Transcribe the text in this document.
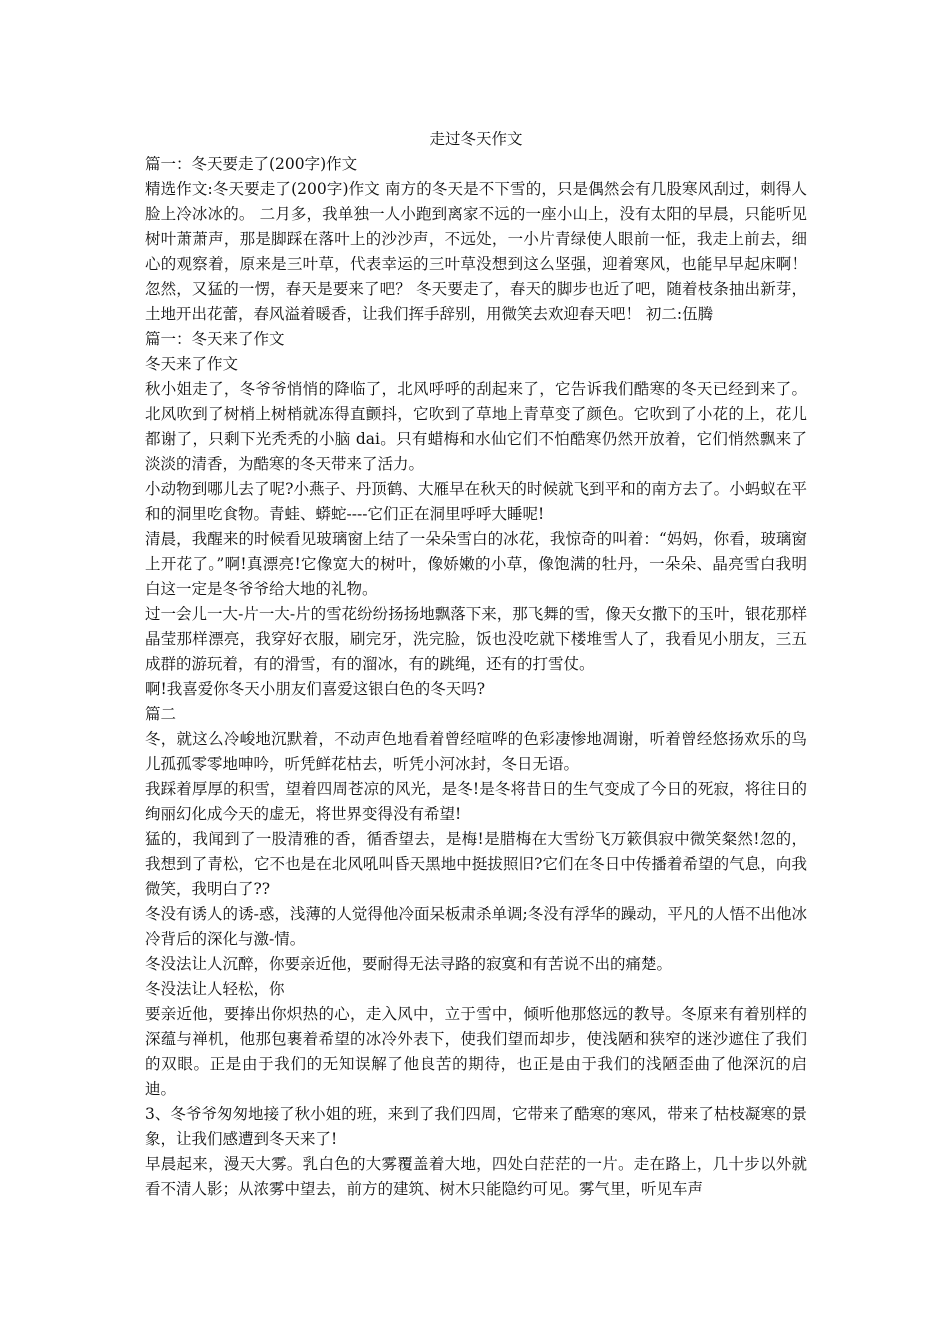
走过冬天作文

篇一：冬天要走了(200字)作文

精选作文:冬天要走了(200字)作文 南方的冬天是不下雪的，只是偶然会有几股寒风刮过，刺得人脸上冷冰冰的。 二月多，我单独一人小跑到离家不远的一座小山上，没有太阳的早晨，只能听见树叶萧萧声，那是脚踩在落叶上的沙沙声，不远处，一小片青绿使人眼前一怔，我走上前去，细心的观察着，原来是三叶草，代表幸运的三叶草没想到这么坚强，迎着寒风，也能早早起床啊！ 忽然，又猛的一愣，春天是要来了吧？ 冬天要走了，春天的脚步也近了吧，随着枝条抽出新芽，土地开出花蕾，春风溢着暖香，让我们挥手辞别，用微笑去欢迎春天吧！ 初二:伍腾

篇一：冬天来了作文

冬天来了作文

秋小姐走了，冬爷爷悄悄的降临了，北风呼呼的刮起来了，它告诉我们酷寒的冬天已经到来了。北风吹到了树梢上树梢就冻得直颤抖，它吹到了草地上青草变了颜色。它吹到了小花的上，花儿都谢了，只剩下光秃秃的小脑 dai。只有蜡梅和水仙它们不怕酷寒仍然开放着，它们悄然飘来了淡淡的清香，为酷寒的冬天带来了活力。

小动物到哪儿去了呢?小燕子、丹顶鹤、大雁早在秋天的时候就飞到平和的南方去了。小蚂蚁在平和的洞里吃食物。青蛙、蟒蛇----它们正在洞里呼呼大睡呢!

清晨，我醒来的时候看见玻璃窗上结了一朵朵雪白的冰花，我惊奇的叫着：“妈妈，你看，玻璃窗上开花了。”啊!真漂亮!它像宽大的树叶，像娇嫩的小草，像饱满的牡丹，一朵朵、晶亮雪白我明白这一定是冬爷爷给大地的礼物。

过一会儿一大-片一大-片的雪花纷纷扬扬地飘落下来，那飞舞的雪，像天女撒下的玉叶，银花那样晶莹那样漂亮，我穿好衣服，刷完牙，洗完脸，饭也没吃就下楼堆雪人了，我看见小朋友，三五成群的游玩着，有的滑雪，有的溜冰，有的跳绳，还有的打雪仗。

啊!我喜爱你冬天小朋友们喜爱这银白色的冬天吗?

篇二

冬，就这么冷峻地沉默着，不动声色地看着曾经喧哗的色彩凄惨地凋谢，听着曾经悠扬欢乐的鸟儿孤孤零零地呻吟，听凭鲜花枯去，听凭小河冰封，冬日无语。

我踩着厚厚的积雪，望着四周苍凉的风光，是冬!是冬将昔日的生气变成了今日的死寂，将往日的绚丽幻化成今天的虚无，将世界变得没有希望!

猛的，我闻到了一股清雅的香，循香望去，是梅!是腊梅在大雪纷飞万簌俱寂中微笑粲然!忽的，我想到了青松，它不也是在北风吼叫昏天黑地中挺拔照旧?它们在冬日中传播着希望的气息，向我微笑，我明白了??

冬没有诱人的诱-惑，浅薄的人觉得他冷面呆板肃杀单调;冬没有浮华的躁动，平凡的人悟不出他冰冷背后的深化与激-情。

冬没法让人沉醉，你要亲近他，要耐得无法寻路的寂寞和有苦说不出的痛楚。

冬没法让人轻松，你

要亲近他，要捧出你炽热的心，走入风中，立于雪中，倾听他那悠远的教导。冬原来有着别样的深蕴与禅机，他那包裹着希望的冰冷外表下，使我们望而却步，使浅陋和狭窄的迷沙遮住了我们的双眼。正是由于我们的无知误解了他良苦的期待，也正是由于我们的浅陋歪曲了他深沉的启迪。

3、冬爷爷匆匆地接了秋小姐的班，来到了我们四周，它带来了酷寒的寒风，带来了枯枝凝寒的景象，让我们感遭到冬天来了!

早晨起来，漫天大雾。乳白色的大雾覆盖着大地，四处白茫茫的一片。走在路上，几十步以外就看不清人影；从浓雾中望去，前方的建筑、树木只能隐约可见。雾气里，听见车声
